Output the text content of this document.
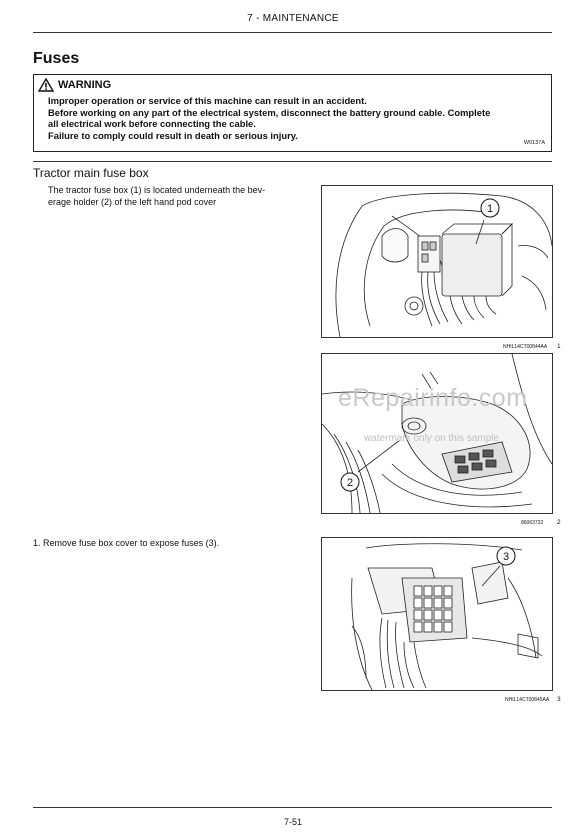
7 - MAINTENANCE
Fuses
WARNING
Improper operation or service of this machine can result in an accident.
Before working on any part of the electrical system, disconnect the battery ground cable. Complete
all electrical work before connecting the cable.
Failure to comply could result in death or serious injury.
W0137A
Tractor main fuse box
The tractor fuse box (1) is located underneath the bev-
erage holder (2) of the left hand pod cover
1. Remove fuse box cover to expose fuses (3).
1
NHIL14CT00844AA 1
2
86063732 2
eRepairinfo.com
watermark only on this sample
3
NHIL14CT00845AA 3
7-51
